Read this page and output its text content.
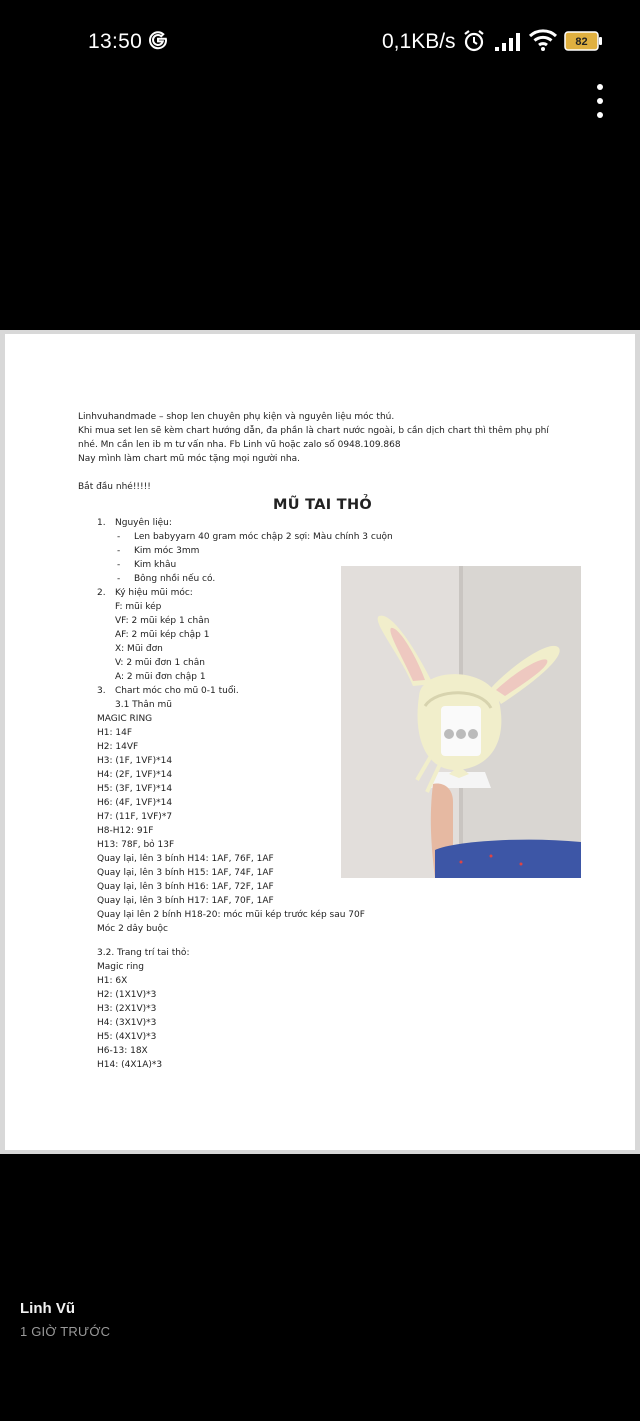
13:50	0,1KB/s	82
Linhvuhandmade – shop len chuyên phụ kiện và nguyên liệu móc thú.
Khi mua set len sẽ kèm chart hướng dẫn, đa phần là chart nước ngoài, b cần dịch chart thì thêm phụ phí
nhé. Mn cần len ib m tư vấn nha. Fb Linh vũ hoặc zalo số 0948.109.868
Nay mình làm chart mũ móc tặng mọi người nha.
Bắt đầu nhé!!!!!
MŨ TAI THỎ
1. Nguyên liệu:
- Len babyyarn 40 gram móc chập 2 sợi: Màu chính 3 cuộn
- Kim móc 3mm
- Kim khâu
- Bông nhồi nếu có.
2. Ký hiệu mũi móc:
F: mũi kép
VF: 2 mũi kép 1 chân
AF: 2 mũi kép chập 1
X: Mũi đơn
V: 2 mũi đơn 1 chân
A: 2 mũi đơn chập 1
3. Chart móc cho mũ 0-1 tuổi.
3.1 Thân mũ
MAGIC RING
H1: 14F
H2: 14VF
H3: (1F, 1VF)*14
H4: (2F, 1VF)*14
H5: (3F, 1VF)*14
H6: (4F, 1VF)*14
H7: (11F, 1VF)*7
H8-H12: 91F
H13: 78F, bỏ 13F
Quay lại, lên 3 bính H14: 1AF, 76F, 1AF
Quay lại, lên 3 bính H15: 1AF, 74F, 1AF
Quay lại, lên 3 bính H16: 1AF, 72F, 1AF
Quay lại, lên 3 bính H17: 1AF, 70F, 1AF
Quay lại lên 2 bính H18-20: móc mũi kép trước kép sau 70F
Móc 2 dây buộc
3.2. Trang trí tai thỏ:
Magic ring
H1: 6X
H2: (1X1V)*3
H3: (2X1V)*3
H4: (3X1V)*3
H5: (4X1V)*3
H6-13: 18X
H14: (4X1A)*3
Linh Vũ
1 GIỜ TRƯỚC
